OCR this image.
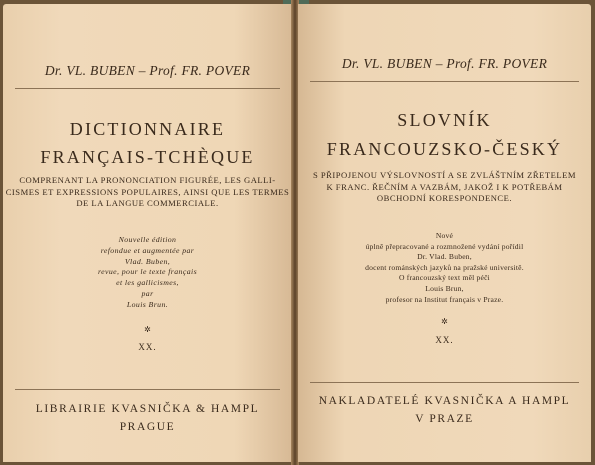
Dr. VL. BUBEN – Prof. FR. POVER
DICTIONNAIRE
FRANÇAIS-TCHÈQUE
COMPRENANT LA PRONONCIATION FIGURÉE, LES GALLI-
CISMES ET EXPRESSIONS POPULAIRES, AINSI QUE LES TERMES
DE LA LANGUE COMMERCIALE.
Nouvelle édition
refondue et augmentée par
Vlad. Buben,
revue, pour le texte français
et les gallicismes,
par
Louis Brun.
✲
XX.
LIBRAIRIE KVASNIČKA & HAMPL
PRAGUE
Dr. VL. BUBEN – Prof. FR. POVER
SLOVNÍK
FRANCOUZSKO-ČESKÝ
S PŘIPOJENOU VÝSLOVNOSTÍ A SE ZVLÁŠTNÍM ZŘETELEM
K FRANC. ŘEČNÍM A VAZBÁM, JAKOŽ I K POTŘEBÁM
OBCHODNÍ KORESPONDENCE.
Nové
úplně přepracované a rozmnožené vydání pořídil
Dr. Vlad. Buben,
docent románských jazyků na pražské universitě.
O francouzský text měl péči
Louis Brun,
profesor na Institut français v Praze.
✲
XX.
NAKLADATELÉ KVASNIČKA A HAMPL
V PRAZE
